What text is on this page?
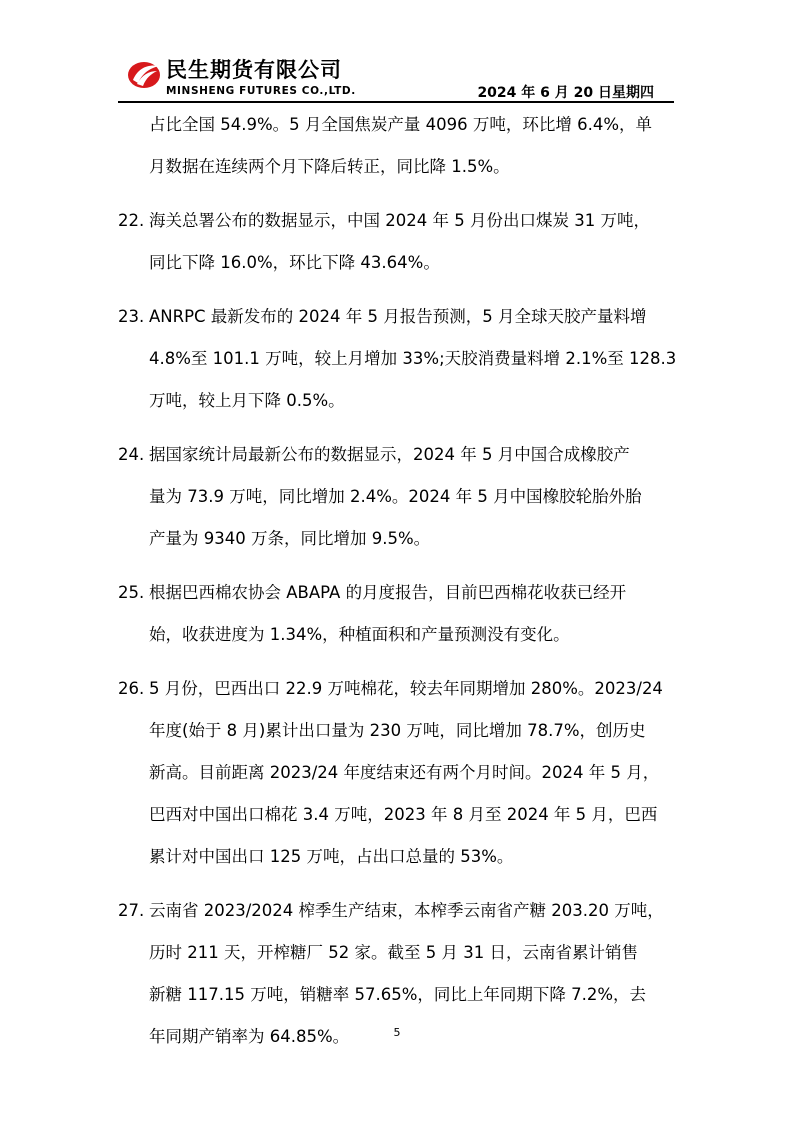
民生期货有限公司
MINSHENG FUTURES CO.,LTD.	2024 年 6 月 20 日星期四
占比全国 54.9%。5 月全国焦炭产量 4096 万吨，环比增 6.4%，单
月数据在连续两个月下降后转正，同比降 1.5%。
22. 海关总署公布的数据显示，中国 2024 年 5 月份出口煤炭 31 万吨，
同比下降 16.0%，环比下降 43.64%。
23. ANRPC 最新发布的 2024 年 5 月报告预测，5 月全球天胶产量料增
4.8%至 101.1 万吨，较上月增加 33%;天胶消费量料增 2.1%至 128.3
万吨，较上月下降 0.5%。
24. 据国家统计局最新公布的数据显示，2024 年 5 月中国合成橡胶产
量为 73.9 万吨，同比增加 2.4%。2024 年 5 月中国橡胶轮胎外胎
产量为 9340 万条，同比增加 9.5%。
25. 根据巴西棉农协会 ABAPA 的月度报告，目前巴西棉花收获已经开
始，收获进度为 1.34%，种植面积和产量预测没有变化。
26. 5 月份，巴西出口 22.9 万吨棉花，较去年同期增加 280%。2023/24
年度(始于 8 月)累计出口量为 230 万吨，同比增加 78.7%，创历史
新高。目前距离 2023/24 年度结束还有两个月时间。2024 年 5 月，
巴西对中国出口棉花 3.4 万吨，2023 年 8 月至 2024 年 5 月，巴西
累计对中国出口 125 万吨，占出口总量的 53%。
27. 云南省 2023/2024 榨季生产结束，本榨季云南省产糖 203.20 万吨，
历时 211 天，开榨糖厂 52 家。截至 5 月 31 日，云南省累计销售
新糖 117.15 万吨，销糖率 57.65%，同比上年同期下降 7.2%，去
年同期产销率为 64.85%。	5
